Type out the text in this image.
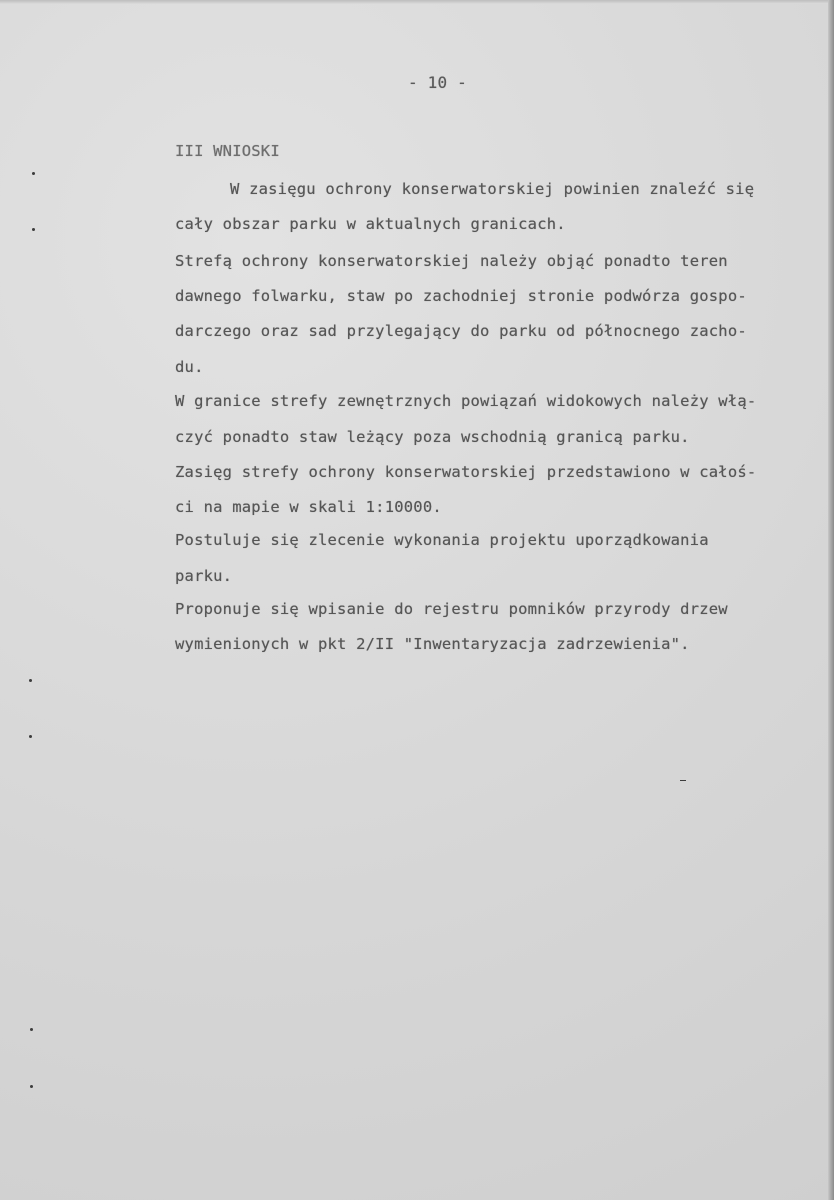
- 10 -
III WNIOSKI
W zasięgu ochrony konserwatorskiej powinien znaleźć się
cały obszar parku w aktualnych granicach.
Strefą ochrony konserwatorskiej należy objąć ponadto teren
dawnego folwarku, staw po zachodniej stronie podwórza gospo-
darczego oraz sad przylegający do parku od północnego zacho-
du.
W granice strefy zewnętrznych powiązań widokowych należy włą-
czyć ponadto staw leżący poza wschodnią granicą parku.
Zasięg strefy ochrony konserwatorskiej przedstawiono w całoś-
ci na mapie w skali 1:10000.
Postuluje się zlecenie wykonania projektu uporządkowania
parku.
Proponuje się wpisanie do rejestru pomników przyrody drzew
wymienionych w pkt 2/II "Inwentaryzacja zadrzewienia".
